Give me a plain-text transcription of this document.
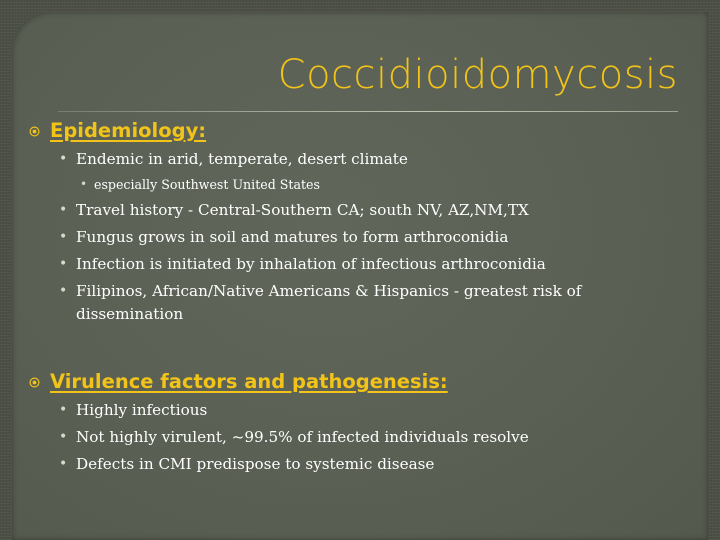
Coccidioidomycosis
Epidemiology:
• Endemic in arid, temperate, desert climate
• especially Southwest United States
• Travel history - Central-Southern CA; south NV, AZ,NM,TX
• Fungus grows in soil and matures to form arthroconidia
• Infection is initiated by inhalation of infectious arthroconidia
• Filipinos, African/Native Americans & Hispanics - greatest risk of dissemination
Virulence factors and pathogenesis:
• Highly infectious
• Not highly virulent, ~99.5% of infected individuals resolve
• Defects in CMI predispose to systemic disease
